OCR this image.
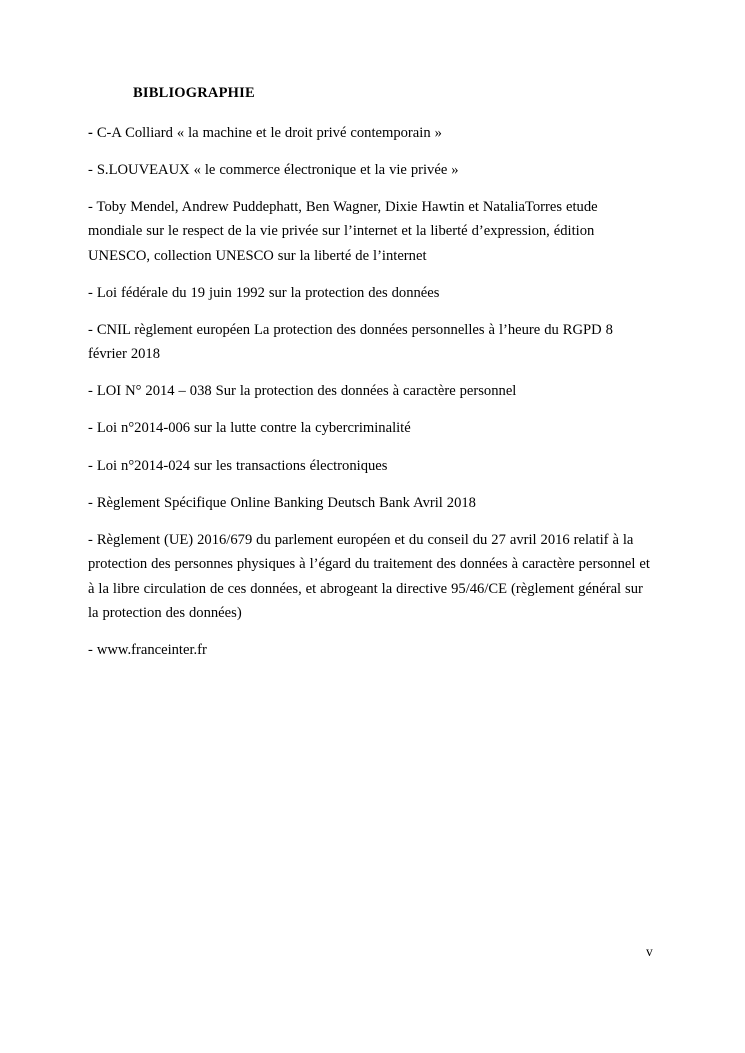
BIBLIOGRAPHIE
- C-A Colliard « la machine et le droit privé contemporain »
- S.LOUVEAUX « le commerce électronique et la vie privée »
- Toby Mendel, Andrew Puddephatt, Ben Wagner, Dixie Hawtin et NataliaTorres etude mondiale sur le respect de la vie privée sur l’internet et la liberté d’expression, édition UNESCO, collection UNESCO sur la liberté de l’internet
- Loi fédérale du 19 juin 1992 sur la protection des données
- CNIL règlement européen La protection des données personnelles à l’heure du RGPD 8 février 2018
- LOI N° 2014 – 038 Sur la protection des données à caractère personnel
- Loi n°2014-006 sur la lutte contre la cybercriminalité
- Loi n°2014-024 sur les transactions électroniques
- Règlement Spécifique Online Banking Deutsch Bank Avril 2018
- Règlement (UE) 2016/679 du parlement européen et du conseil du 27 avril 2016 relatif à la protection des personnes physiques à l’égard du traitement des données à caractère personnel et à la libre circulation de ces données, et abrogeant la directive 95/46/CE (règlement général sur la protection des données)
- www.franceinter.fr
v
